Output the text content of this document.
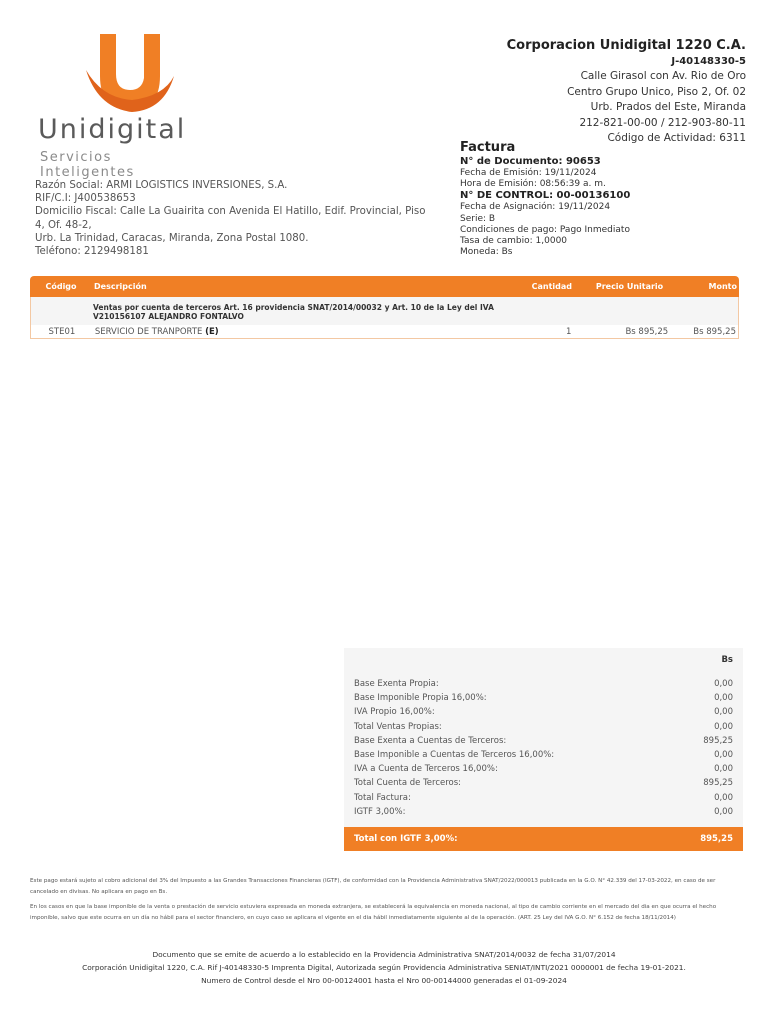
Unidigital
Servicios Inteligentes
Corporacion Unidigital 1220 C.A.
J-40148330-5
Calle Girasol con Av. Rio de Oro
Centro Grupo Unico, Piso 2, Of. 02
Urb. Prados del Este, Miranda
212-821-00-00 / 212-903-80-11
Código de Actividad: 6311
Factura
N° de Documento: 90653
Fecha de Emisión: 19/11/2024
Hora de Emisión: 08:56:39 a. m.
N° DE CONTROL: 00-00136100
Fecha de Asignación: 19/11/2024
Serie: B
Condiciones de pago: Pago Inmediato
Tasa de cambio: 1,0000
Moneda: Bs
Razón Social: ARMI LOGISTICS INVERSIONES, S.A.
RIF/C.I: J400538653
Domicilio Fiscal: Calle La Guairita con Avenida El Hatillo, Edif. Provincial, Piso 4, Of. 48-2,
Urb. La Trinidad, Caracas, Miranda, Zona Postal 1080.
Teléfono: 2129498181
Código	Descripción	Cantidad	Precio Unitario	Monto
Ventas por cuenta de terceros Art. 16 providencia SNAT/2014/00032 y Art. 10 de la Ley del IVA
V210156107 ALEJANDRO FONTALVO
STE01	SERVICIO DE TRANPORTE (E)	1	Bs 895,25	Bs 895,25
Bs
Base Exenta Propia:	0,00
Base Imponible Propia 16,00%:	0,00
IVA Propio 16,00%:	0,00
Total Ventas Propias:	0,00
Base Exenta a Cuentas de Terceros:	895,25
Base Imponible a Cuentas de Terceros 16,00%:	0,00
IVA a Cuenta de Terceros 16,00%:	0,00
Total Cuenta de Terceros:	895,25
Total Factura:	0,00
IGTF 3,00%:	0,00
Total con IGTF 3,00%:	895,25
Este pago estará sujeto al cobro adicional del 3% del Impuesto a las Grandes Transacciones Financieras (IGTF), de conformidad con la Providencia Administrativa SNAT/2022/000013 publicada en la G.O. N° 42.339 del 17-03-2022, en caso de ser cancelado en divisas. No aplicara en pago en Bs.
En los casos en que la base imponible de la venta o prestación de servicio estuviera expresada en moneda extranjera, se establecerá la equivalencia en moneda nacional, al tipo de cambio corriente en el mercado del dia en que ocurra el hecho imponible, salvo que este ocurra en un día no hábil para el sector financiero, en cuyo caso se aplicara el vigente en el dia hábil inmediatamente siguiente al de la operación. (ART. 25 Ley del IVA G.O. N° 6.152 de fecha 18/11/2014)
Documento que se emite de acuerdo a lo establecido en la Providencia Administrativa SNAT/2014/0032 de fecha 31/07/2014
Corporación Unidigital 1220, C.A. Rif J-40148330-5 Imprenta Digital, Autorizada según Providencia Administrativa SENIAT/INTI/2021 0000001 de fecha 19-01-2021.
Numero de Control desde el Nro 00-00124001 hasta el Nro 00-00144000 generadas el 01-09-2024
